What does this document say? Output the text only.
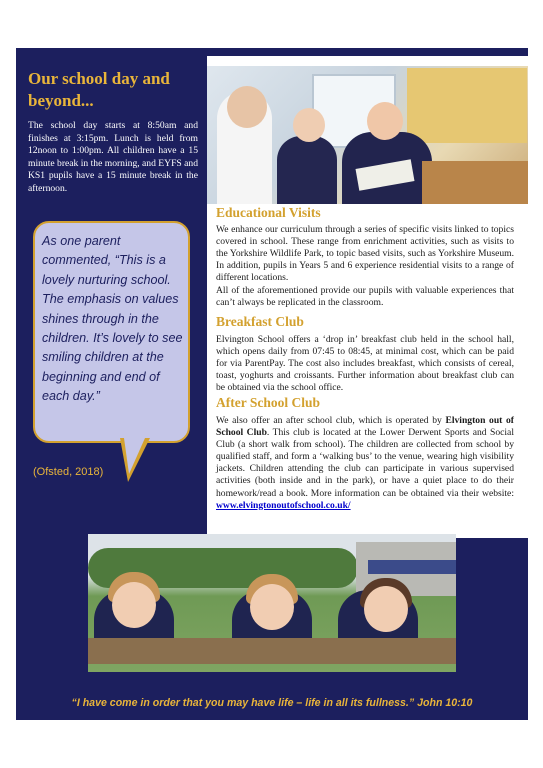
Our school day and beyond...
The school day starts at 8:50am and finishes at 3:15pm. Lunch is held from 12noon to 1:00pm. All children have a 15 minute break in the morning, and EYFS and KS1 pupils have a 15 minute break in the afternoon.
As one parent commented, “This is a lovely nurturing school. The emphasis on values shines through in the children. It’s lovely to see smiling children at the beginning and end of each day.”
(Ofsted, 2018)
Educational Visits
We enhance our curriculum through a series of specific visits linked to topics covered in school. These range from enrichment activities, such as visits to the Yorkshire Wildlife Park, to topic based visits, such as Yorkshire Museum. In addition, pupils in Years 5 and 6 experience residential visits to a range of different locations.
All of the aforementioned provide our pupils with valuable experiences that can’t always be replicated in the classroom.
Breakfast Club
Elvington School offers a ‘drop in’ breakfast club held in the school hall, which opens daily from 07:45 to 08:45, at minimal cost, which can be paid for via ParentPay. The cost also includes breakfast, which consists of cereal, toast, yoghurts and croissants. Further information about breakfast club can be obtained via the school office.
After School Club
We also offer an after school club, which is operated by Elvington out of School Club. This club is located at the Lower Derwent Sports and Social Club (a short walk from school). The children are collected from school by qualified staff, and form a ‘walking bus’ to the venue, wearing high visibility jackets. Children attending the club can participate in various supervised activities (both inside and in the park), or have a quiet place to do their homework/read a book. More information can be obtained via their website: www.elvingtonoutofschool.co.uk/
“I have come in order that you may have life – life in all its fullness.” John 10:10
